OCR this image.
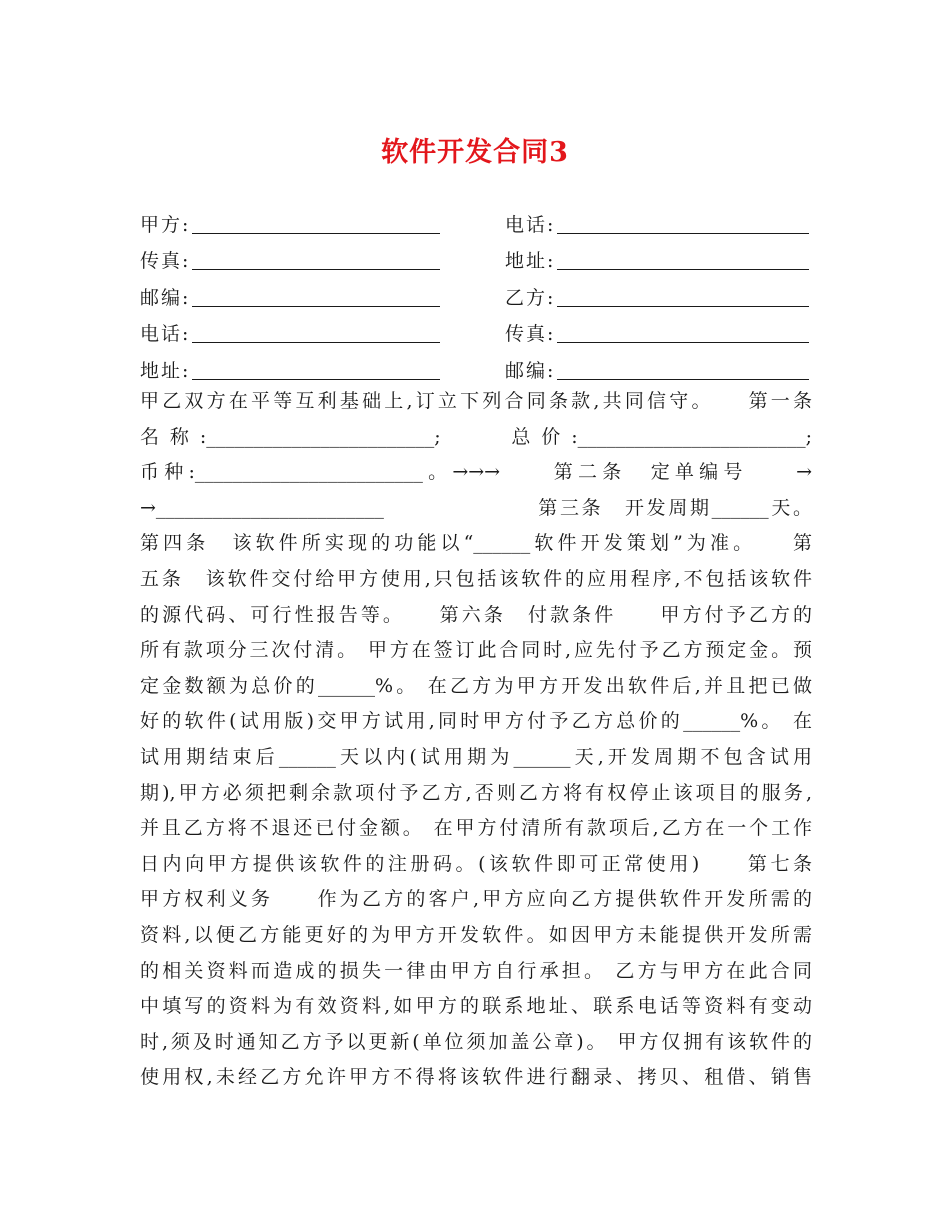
软件开发合同3
甲方:	电话:
传真:	地址:
邮编:	乙方:
电话:	传真:
地址:	邮编:
甲乙双方在平等互利基础上,订立下列合同条款,共同信守。　　第一条
名称:________________________;　　总价:________________________;
币种:________________________。→→→　　第二条　定单编号　　→
→________________________　　　　　　　第三条　开发周期______天。
第四条　该软件所实现的功能以“______软件开发策划”为准。　　第
五条　该软件交付给甲方使用,只包括该软件的应用程序,不包括该软件
的源代码、可行性报告等。　　第六条　付款条件　　甲方付予乙方的
所有款项分三次付清。 甲方在签订此合同时,应先付予乙方预定金。预
定金数额为总价的______%。 在乙方为甲方开发出软件后,并且把已做
好的软件(试用版)交甲方试用,同时甲方付予乙方总价的______%。 在
试用期结束后______天以内(试用期为______天,开发周期不包含试用
期),甲方必须把剩余款项付予乙方,否则乙方将有权停止该项目的服务,
并且乙方将不退还已付金额。 在甲方付清所有款项后,乙方在一个工作
日内向甲方提供该软件的注册码。(该软件即可正常使用)　　第七条
甲方权利义务　　作为乙方的客户,甲方应向乙方提供软件开发所需的
资料,以便乙方能更好的为甲方开发软件。如因甲方未能提供开发所需
的相关资料而造成的损失一律由甲方自行承担。 乙方与甲方在此合同
中填写的资料为有效资料,如甲方的联系地址、联系电话等资料有变动
时,须及时通知乙方予以更新(单位须加盖公章)。 甲方仅拥有该软件的
使用权,未经乙方允许甲方不得将该软件进行翻录、拷贝、租借、销售
